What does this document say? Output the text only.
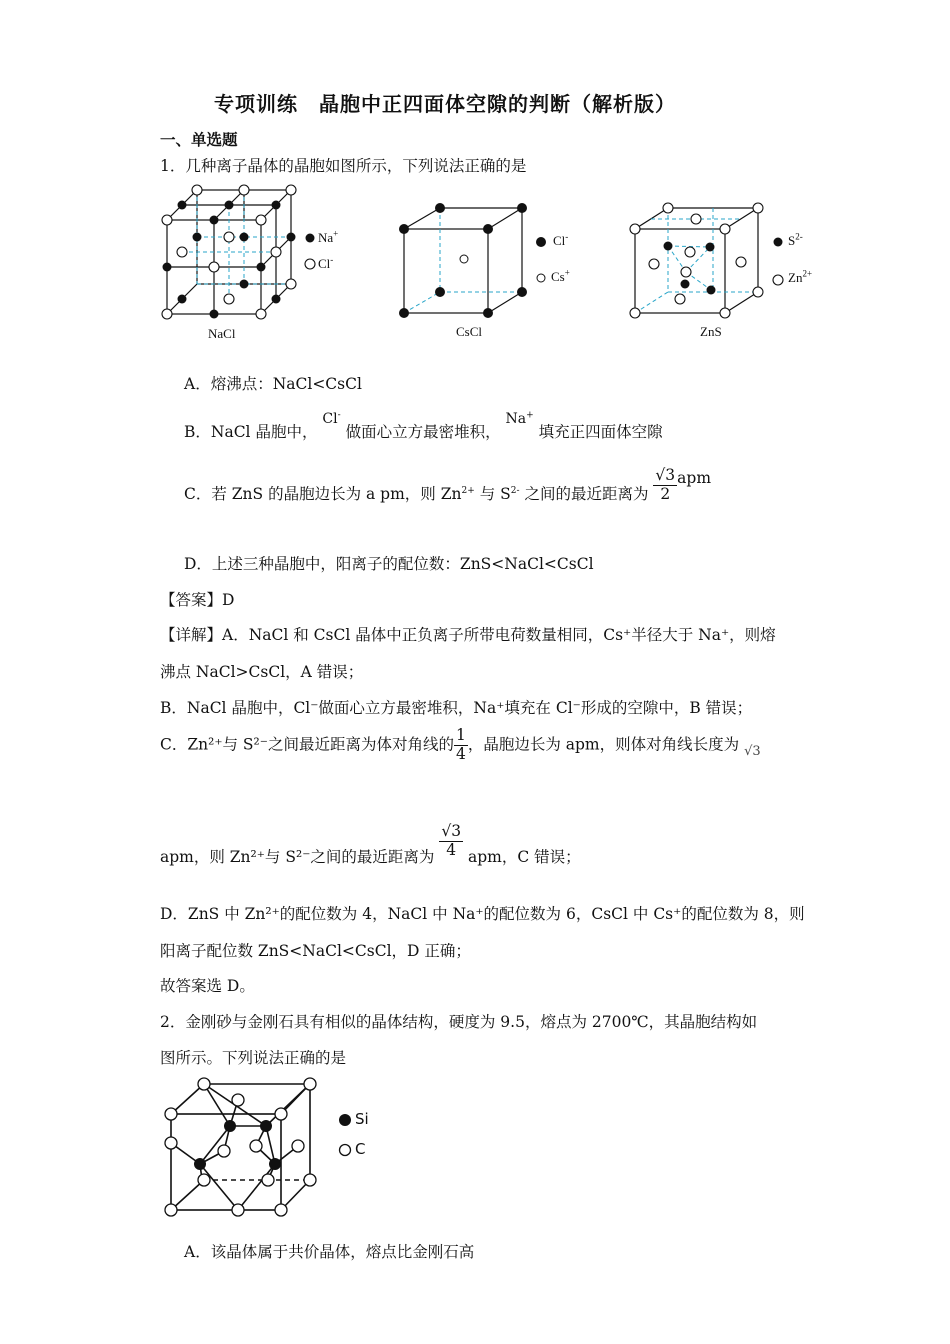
专项训练　晶胞中正四面体空隙的判断（解析版）
一、单选题
1．几种离子晶体的晶胞如图所示，下列说法正确的是
Na+
Cl-
NaCl
Cl-
Cs+
CsCl
$S^{2-}$
$Zn^{2+}$
ZnS
A．熔沸点：NaCl<CsCl
B．NaCl 晶胞中， Cl- 做面心立方最密堆积， Na+ 填充正四面体空隙
C．若 ZnS 的晶胞边长为 a pm，则 $Zn^{2+}$ 与 $S^{2-}$ 之间的最近距离为 $\frac{√3}{2}$ apm
D．上述三种晶胞中，阳离子的配位数：ZnS<NaCl<CsCl
【答案】D
【详解】A．NaCl 和 CsCl 晶体中正负离子所带电荷数量相同，Cs⁺半径大于 Na⁺，则熔
沸点 NaCl>CsCl，A 错误；
B．NaCl 晶胞中，Cl⁻做面心立方最密堆积，Na⁺填充在 Cl⁻形成的空隙中，B 错误；
C．Zn²⁺与 S²⁻之间最近距离为体对角线的 $\frac{1}{4}$ ，晶胞边长为 apm，则体对角线长度为 $_{√3}$
apm，则 Zn²⁺与 S²⁻之间的最近距离为 $\frac{√3}{4}$ apm，C 错误；
D．ZnS 中 Zn²⁺的配位数为 4，NaCl 中 Na⁺的配位数为 6，CsCl 中 Cs⁺的配位数为 8，则
阳离子配位数 ZnS<NaCl<CsCl，D 正确；
故答案选 D。
2．金刚砂与金刚石具有相似的晶体结构，硬度为 9.5，熔点为 2700℃，其晶胞结构如
图所示。下列说法正确的是
Si
C
A．该晶体属于共价晶体，熔点比金刚石高
